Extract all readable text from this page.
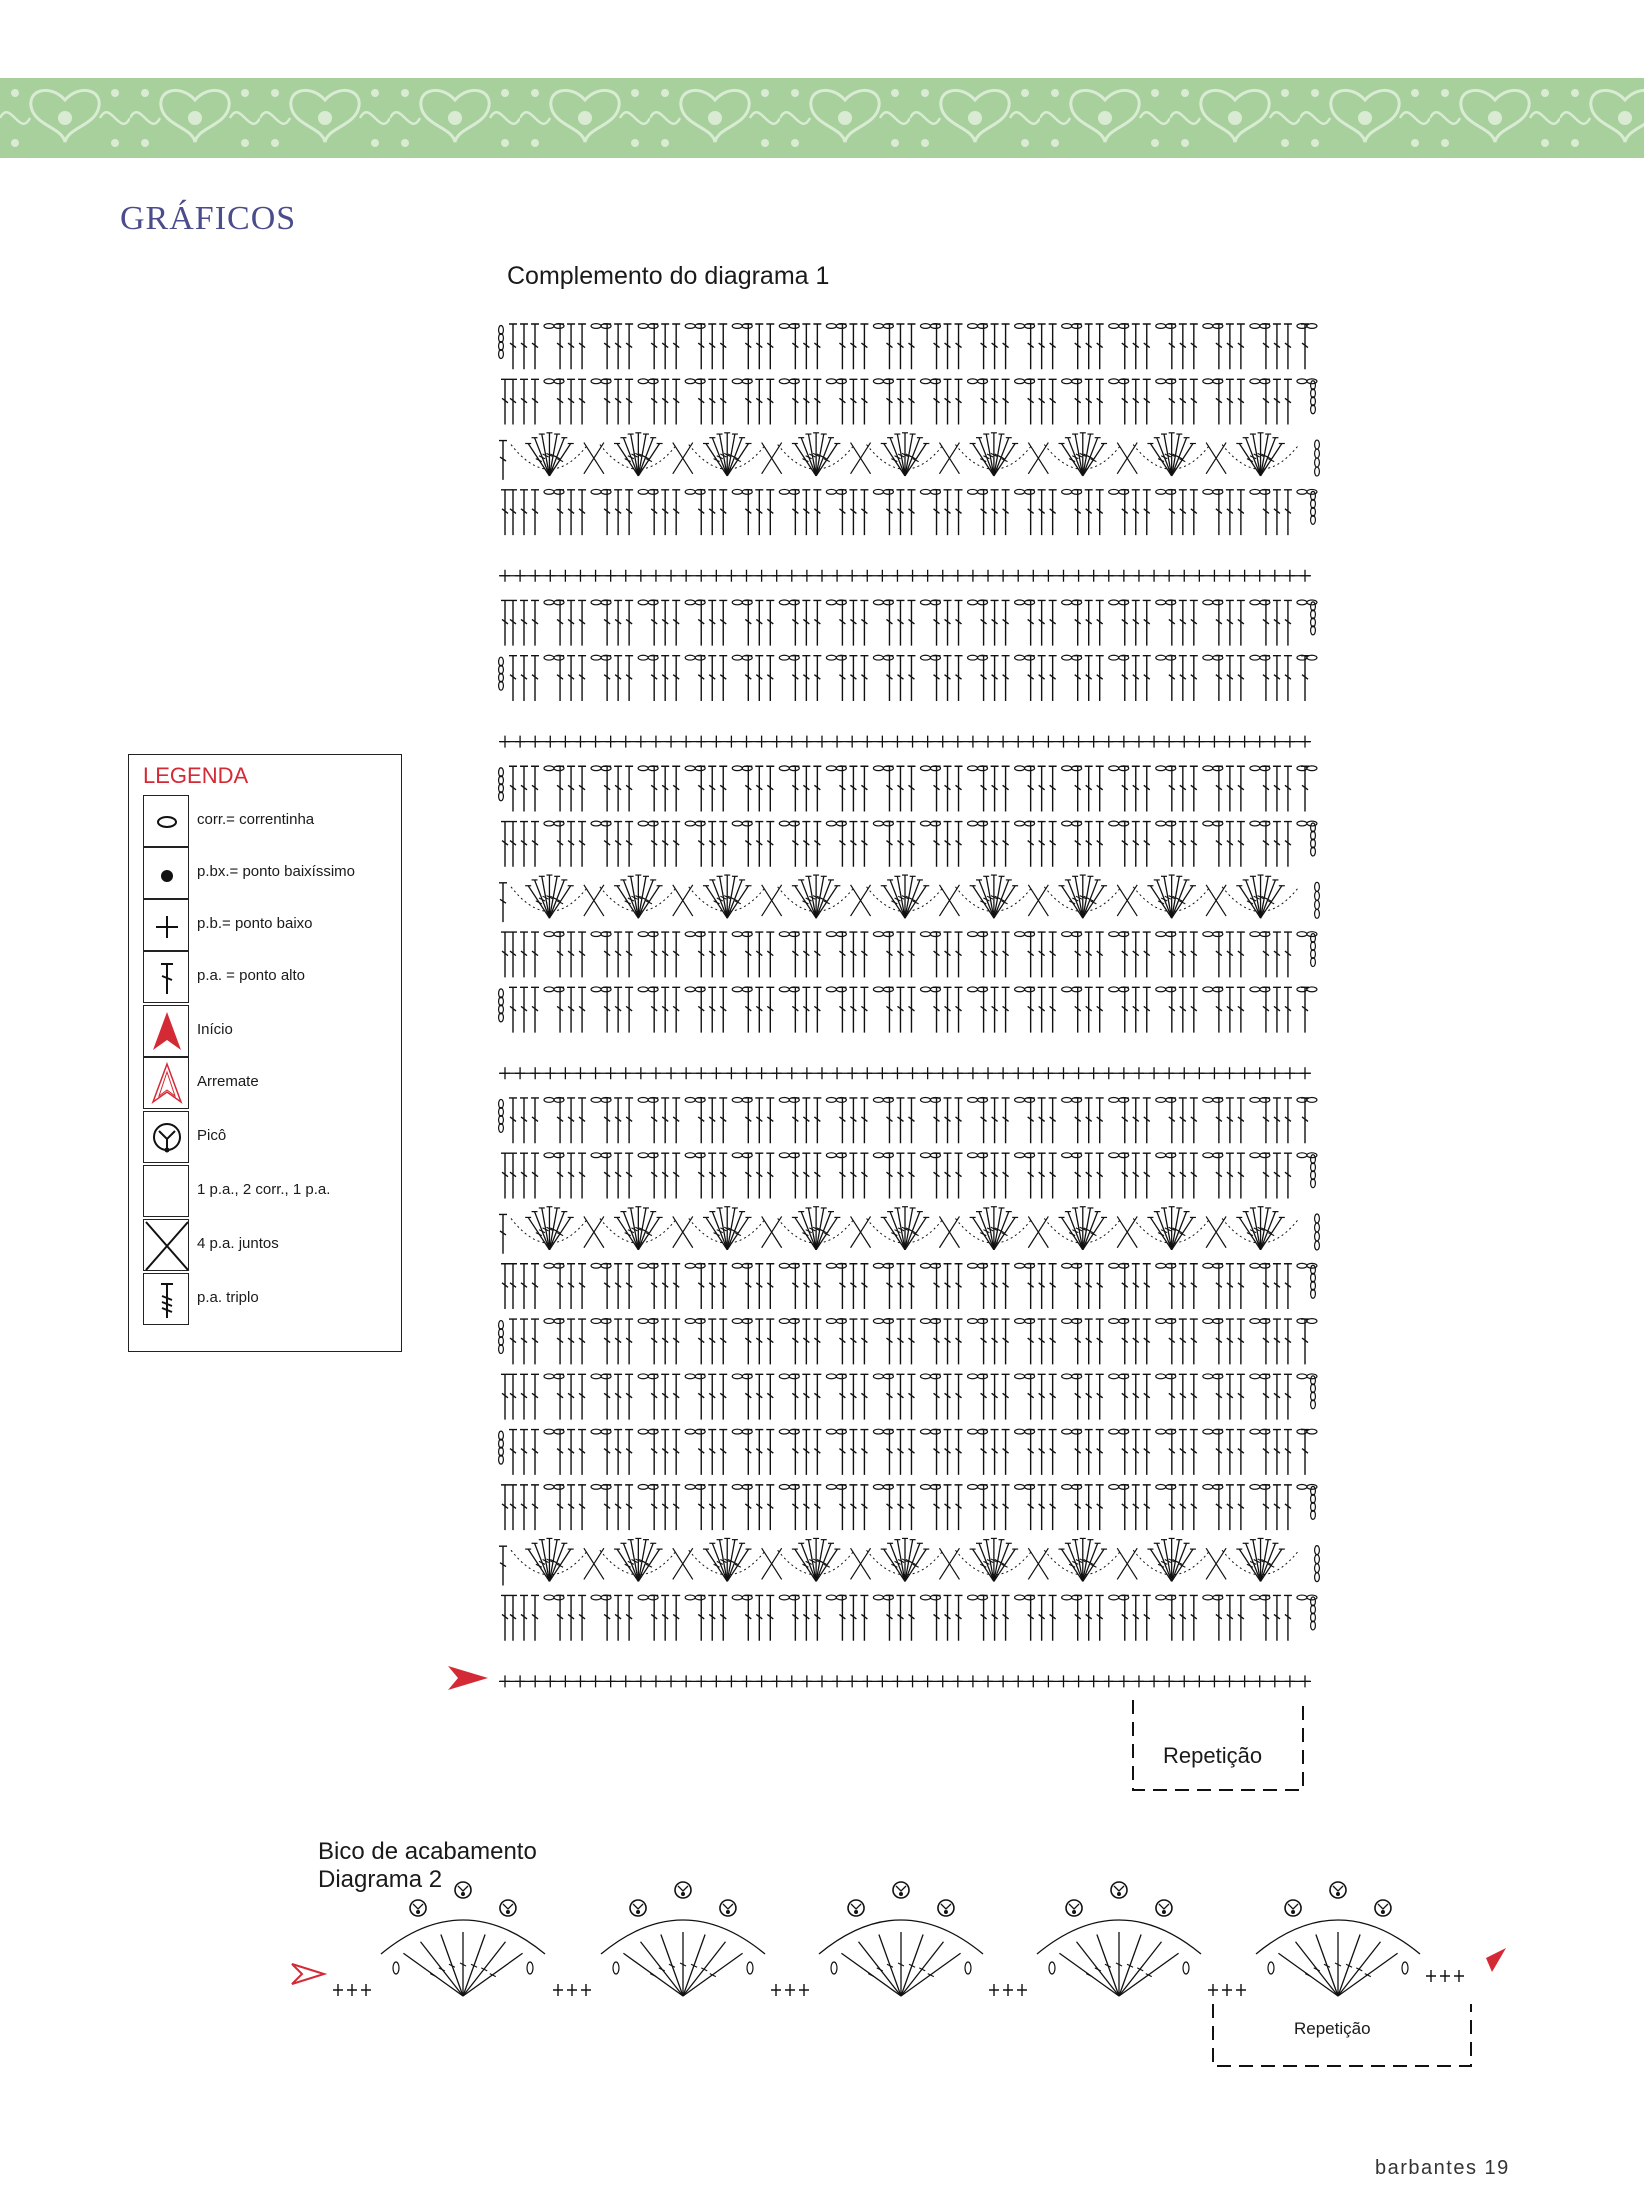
GRÁFICOS
Complemento do diagrama 1
Repetição
LEGENDA
corr.= correntinha
p.bx.= ponto baixíssimo
p.b.= ponto baixo
p.a. = ponto alto
Início
Arremate
Picô
1 p.a., 2 corr., 1 p.a.
4 p.a. juntos
p.a. triplo
Bico de acabamento
Diagrama 2
Repetição
barbantes 19
